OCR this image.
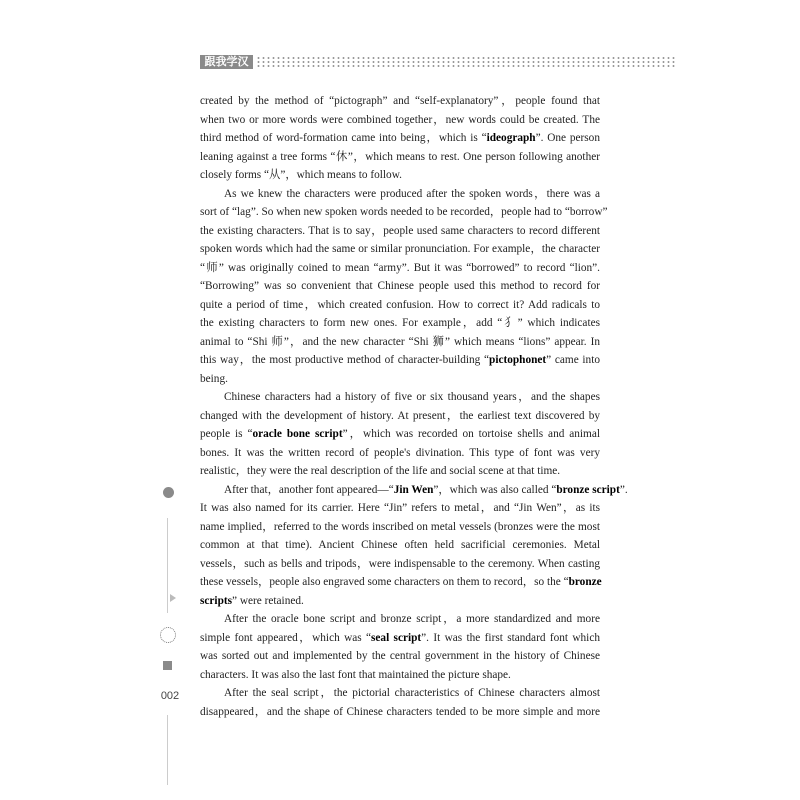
跟我学汉字
created by the method of “pictograph” and “self-explanatory”，people found that
when two or more words were combined together，new words could be created. The
third method of word-formation came into being，which is “ideograph”. One person
leaning against a tree forms “休”，which means to rest. One person following another
closely forms “从”，which means to follow.
As we knew the characters were produced after the spoken words，there was a
sort of “lag”. So when new spoken words needed to be recorded，people had to “borrow”
the existing characters. That is to say，people used same characters to record different
spoken words which had the same or similar pronunciation. For example，the character
“师” was originally coined to mean “army”. But it was “borrowed” to record “lion”.
“Borrowing” was so convenient that Chinese people used this method to record for
quite a period of time，which created confusion. How to correct it? Add radicals to
the existing characters to form new ones. For example，add “犭” which indicates
animal to “Shi 师”，and the new character “Shi 狮” which means “lions” appear. In
this way，the most productive method of character-building “pictophonet” came into
being.
Chinese characters had a history of five or six thousand years，and the shapes
changed with the development of history. At present，the earliest text discovered by
people is “oracle bone script”，which was recorded on tortoise shells and animal
bones. It was the written record of people's divination. This type of font was very
realistic，they were the real description of the life and social scene at that time.
After that，another font appeared—“Jin Wen”，which was also called “bronze script”.
It was also named for its carrier. Here “Jin” refers to metal，and “Jin Wen”，as its
name implied，referred to the words inscribed on metal vessels (bronzes were the most
common at that time). Ancient Chinese often held sacrificial ceremonies. Metal
vessels，such as bells and tripods，were indispensable to the ceremony. When casting
these vessels，people also engraved some characters on them to record，so the “bronze
scripts” were retained.
After the oracle bone script and bronze script，a more standardized and more
simple font appeared，which was “seal script”. It was the first standard font which
was sorted out and implemented by the central government in the history of Chinese
characters. It was also the last font that maintained the picture shape.
After the seal script，the pictorial characteristics of Chinese characters almost
disappeared，and the shape of Chinese characters tended to be more simple and more
002
